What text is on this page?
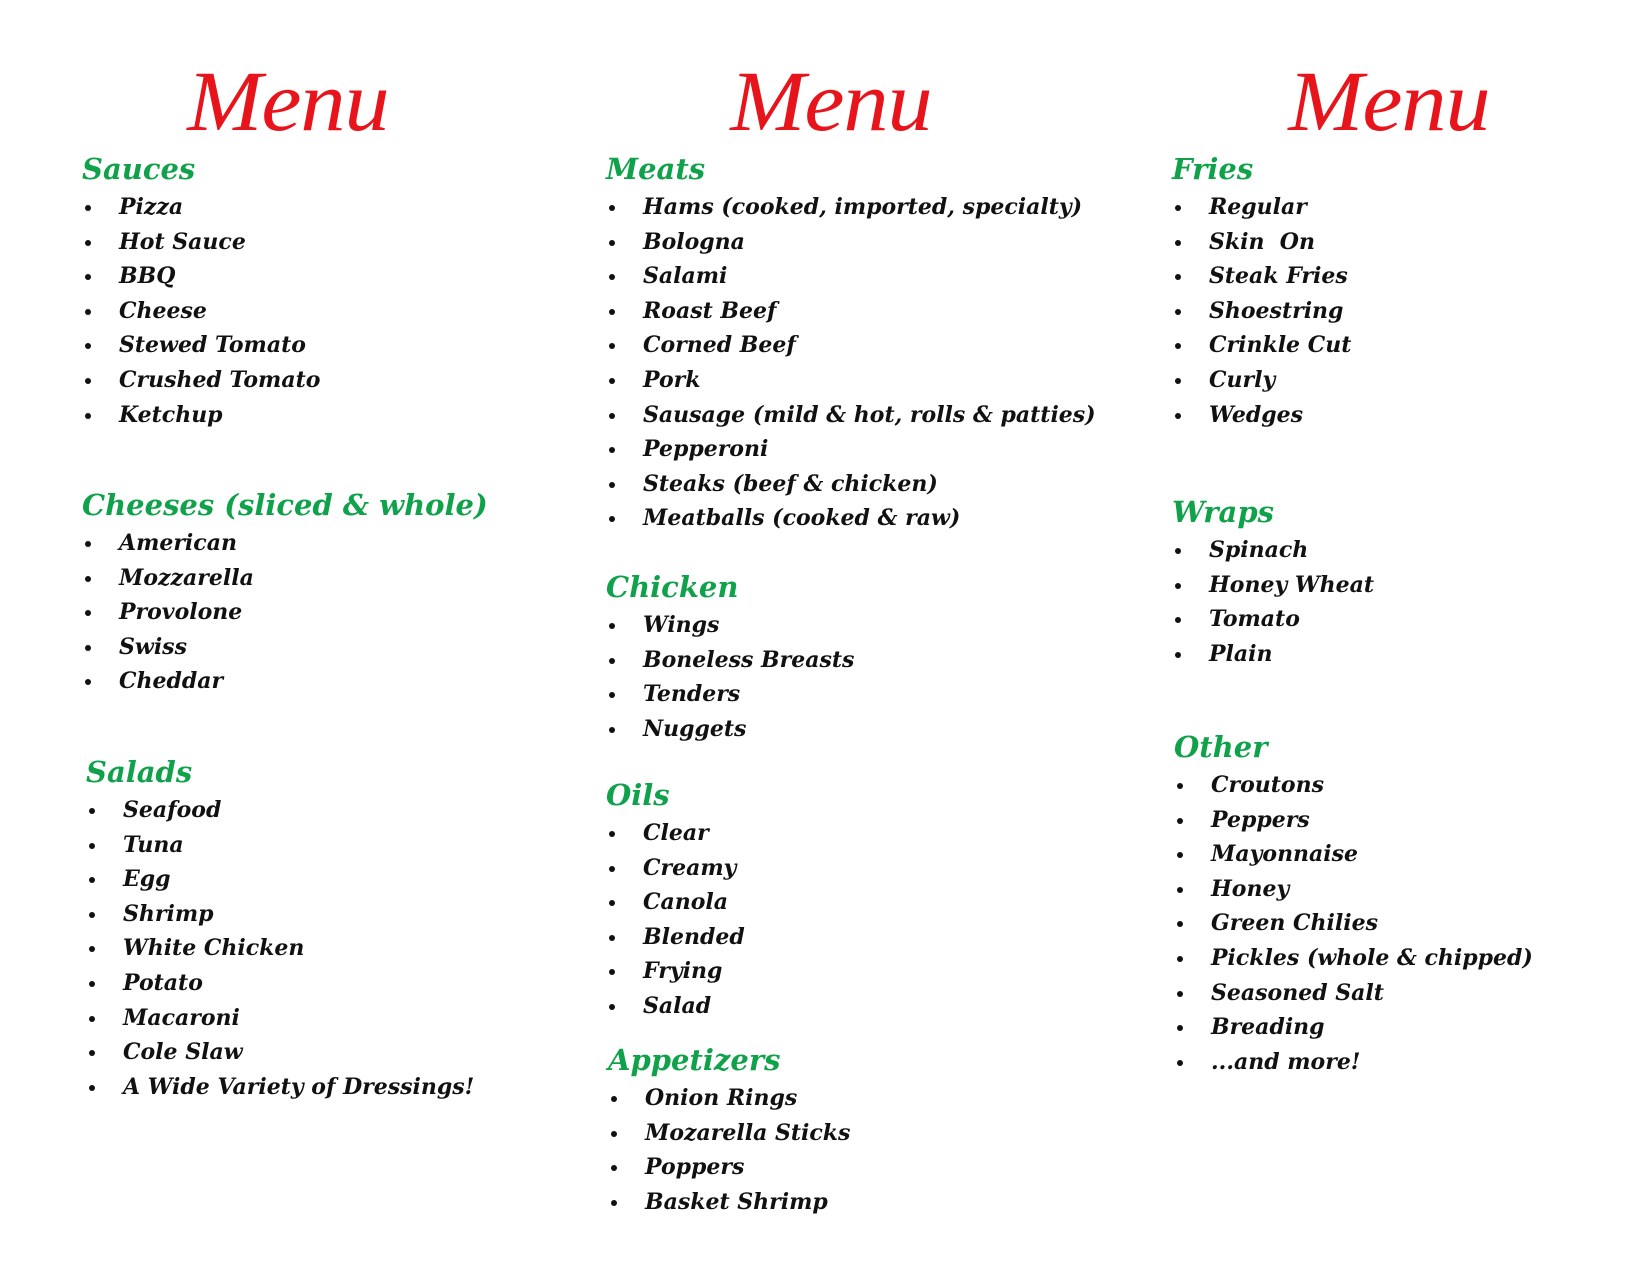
Menu
Sauces
Pizza
Hot Sauce
BBQ
Cheese
Stewed Tomato
Crushed Tomato
Ketchup
Cheeses (sliced & whole)
American
Mozzarella
Provolone
Swiss
Cheddar
Salads
Seafood
Tuna
Egg
Shrimp
White Chicken
Potato
Macaroni
Cole Slaw
A Wide Variety of Dressings!
Menu
Meats
Hams (cooked, imported, specialty)
Bologna
Salami
Roast Beef
Corned Beef
Pork
Sausage (mild & hot, rolls & patties)
Pepperoni
Steaks (beef & chicken)
Meatballs (cooked & raw)
Chicken
Wings
Boneless Breasts
Tenders
Nuggets
Oils
Clear
Creamy
Canola
Blended
Frying
Salad
Appetizers
Onion Rings
Mozarella Sticks
Poppers
Basket Shrimp
Menu
Fries
Regular
Skin  On
Steak Fries
Shoestring
Crinkle Cut
Curly
Wedges
Wraps
Spinach
Honey Wheat
Tomato
Plain
Other
Croutons
Peppers
Mayonnaise
Honey
Green Chilies
Pickles (whole & chipped)
Seasoned Salt
Breading
...and more!
